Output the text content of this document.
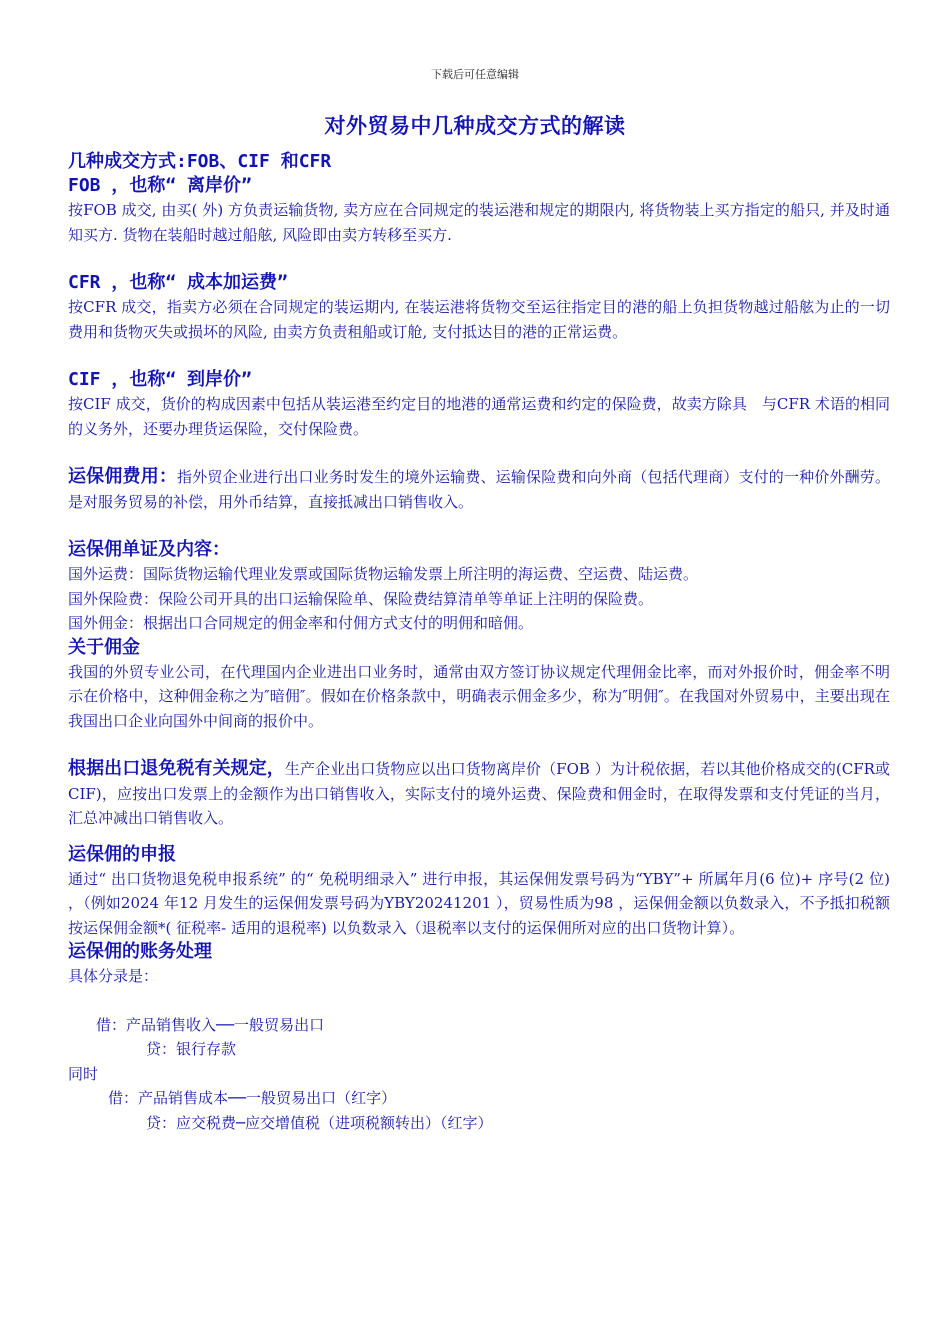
下载后可任意编辑
对外贸易中几种成交方式的解读
几种成交方式:FOB、CIF 和CFR
FOB ，也称“ 离岸价”

按FOB 成交, 由买( 外) 方负责运输货物, 卖方应在合同规定的装运港和规定的期限内, 将货物装上买方指定的船只, 并及时通知买方. 货物在装船时越过船舷, 风险即由卖方转移至买方.

CFR ，也称“ 成本加运费”

按CFR 成交，指卖方必须在合同规定的装运期内, 在装运港将货物交至运往指定目的港的船上负担货物越过船舷为止的一切费用和货物灭失或损坏的风险, 由卖方负责租船或订舱, 支付抵达目的港的正常运费。

CIF ，也称“ 到岸价”

按CIF 成交，货价的构成因素中包括从装运港至约定目的地港的通常运费和约定的保险费，故卖方除具　与CFR 术语的相同的义务外，还要办理货运保险，交付保险费。

运保佣费用：指外贸企业进行出口业务时发生的境外运输费、运输保险费和向外商（包括代理商）支付的一种价外酬劳。是对服务贸易的补偿，用外币结算，直接抵减出口销售收入。

运保佣单证及内容：

国外运费：国际货物运输代理业发票或国际货物运输发票上所注明的海运费、空运费、陆运费。

国外保险费：保险公司开具的出口运输保险单、保险费结算清单等单证上注明的保险费。

国外佣金：根据出口合同规定的佣金率和付佣方式支付的明佣和暗佣。

关于佣金

我国的外贸专业公司，在代理国内企业进出口业务时，通常由双方签订协议规定代理佣金比率，而对外报价时，佣金率不明示在价格中，这种佣金称之为″暗佣″。假如在价格条款中，明确表示佣金多少，称为″明佣″。在我国对外贸易中，主要出现在我国出口企业向国外中间商的报价中。

根据出口退免税有关规定，生产企业出口货物应以出口货物离岸价（FOB ）为计税依据，若以其他价格成交的(CFR或CIF)，应按出口发票上的金额作为出口销售收入，实际支付的境外运费、保险费和佣金时，在取得发票和支付凭证的当月，汇总冲减出口销售收入。

运保佣的申报

通过“ 出口货物退免税申报系统” 的“ 免税明细录入” 进行申报，其运保佣发票号码为“YBY”+ 所属年月(6 位)+ 序号(2 位) ，（例如2024 年12 月发生的运保佣发票号码为YBY20241201 ），贸易性质为98 ，运保佣金额以负数录入，不予抵扣税额按运保佣金额*( 征税率- 适用的退税率) 以负数录入（退税率以支付的运保佣所对应的出口货物计算）。

运保佣的账务处理

具体分录是：

借：产品销售收入──一般贸易出口

贷：银行存款

同时

借：产品销售成本──一般贸易出口（红字）

贷：应交税费─应交增值税（进项税额转出）（红字）
